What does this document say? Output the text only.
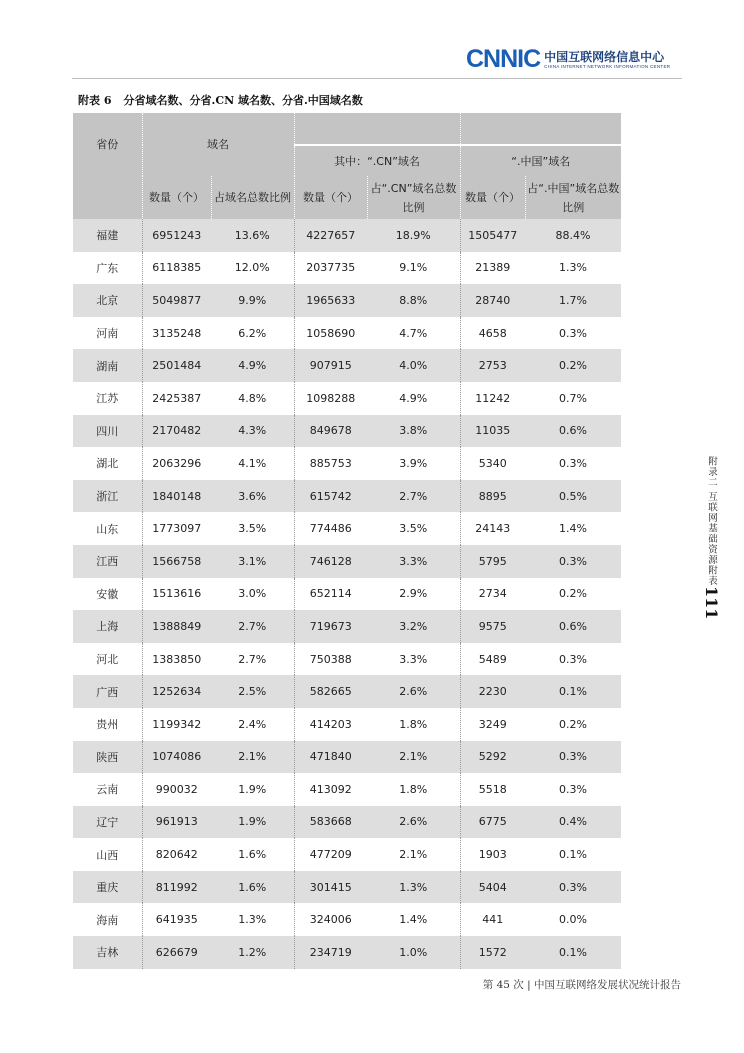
CNNIC 中国互联网络信息中心
CHINA INTERNET NETWORK INFORMATION CENTER
附表 6 分省域名数、分省.CN 域名数、分省.中国域名数
省份	域名					
			其中：“.CN”域名		“.中国”域名	
	数量（个）	占域名总数比例	数量（个）	占“.CN”域名总数比例	数量（个）	占“.中国”域名总数比例
福建	6951243	13.6%	4227657	18.9%	1505477	88.4%
广东	6118385	12.0%	2037735	9.1%	21389	1.3%
北京	5049877	9.9%	1965633	8.8%	28740	1.7%
河南	3135248	6.2%	1058690	4.7%	4658	0.3%
湖南	2501484	4.9%	907915	4.0%	2753	0.2%
江苏	2425387	4.8%	1098288	4.9%	11242	0.7%
四川	2170482	4.3%	849678	3.8%	11035	0.6%
湖北	2063296	4.1%	885753	3.9%	5340	0.3%
浙江	1840148	3.6%	615742	2.7%	8895	0.5%
山东	1773097	3.5%	774486	3.5%	24143	1.4%
江西	1566758	3.1%	746128	3.3%	5795	0.3%
安徽	1513616	3.0%	652114	2.9%	2734	0.2%
上海	1388849	2.7%	719673	3.2%	9575	0.6%
河北	1383850	2.7%	750388	3.3%	5489	0.3%
广西	1252634	2.5%	582665	2.6%	2230	0.1%
贵州	1199342	2.4%	414203	1.8%	3249	0.2%
陕西	1074086	2.1%	471840	2.1%	5292	0.3%
云南	990032	1.9%	413092	1.8%	5518	0.3%
辽宁	961913	1.9%	583668	2.6%	6775	0.4%
山西	820642	1.6%	477209	2.1%	1903	0.1%
重庆	811992	1.6%	301415	1.3%	5404	0.3%
海南	641935	1.3%	324006	1.4%	441	0.0%
吉林	626679	1.2%	234719	1.0%	1572	0.1%
附录二 互联网基础资源附表
111
第 45 次 | 中国互联网络发展状况统计报告
